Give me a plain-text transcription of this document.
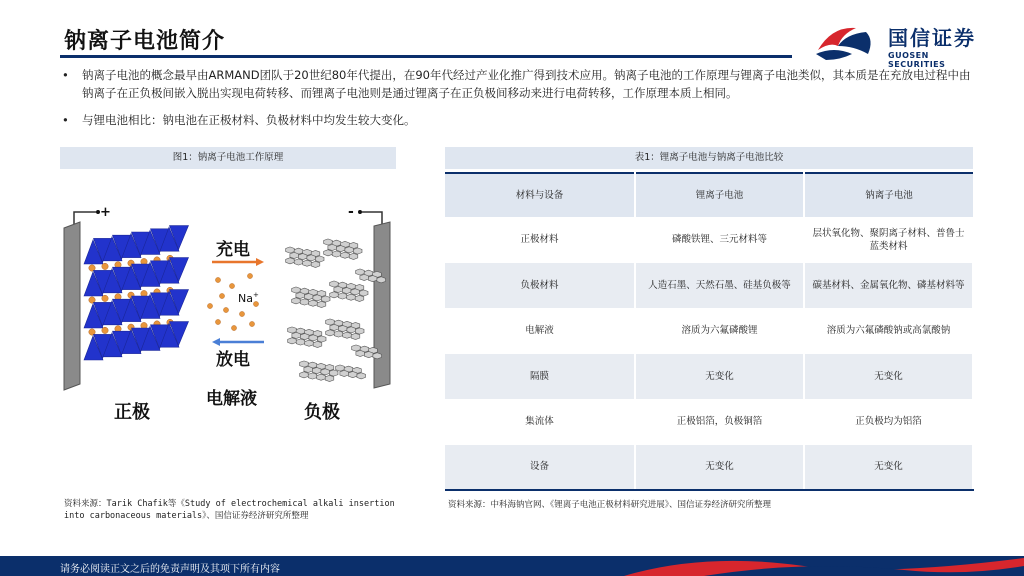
钠离子电池简介	国信证券
GUOSEN SECURITIES
• 钠离子电池的概念最早由ARMAND团队于20世纪80年代提出，在90年代经过产业化推广得到技术应用。钠离子电池的工作原理与锂离子电池类似，其本质是在充放电过程中由钠离子在正负极间嵌入脱出实现电荷转移、而锂离子电池则是通过锂离子在正负极间移动来进行电荷转移，工作原理本质上相同。
• 与锂电池相比：钠电池在正极材料、负极材料中均发生较大变化。
图1：钠离子电池工作原理
+	-
充电
Na+
放电
电解液
正极	负极
资料来源：Tarik Chafik等《Study of electrochemical alkali insertion into carbonaceous materials》、国信证券经济研究所整理
表1：锂离子电池与钠离子电池比较
材料与设备	锂离子电池	钠离子电池
正极材料	磷酸铁锂、三元材料等	层状氧化物、聚阴离子材料、普鲁士蓝类材料
负极材料	人造石墨、天然石墨、硅基负极等	碳基材料、金属氧化物、磷基材料等
电解液	溶质为六氟磷酸锂	溶质为六氟磷酸钠或高氯酸钠
隔膜	无变化	无变化
集流体	正极铝箔，负极铜箔	正负极均为铝箔
设备	无变化	无变化
资料来源：中科海钠官网、《锂离子电池正极材料研究进展》、国信证券经济研究所整理
请务必阅读正文之后的免责声明及其项下所有内容
